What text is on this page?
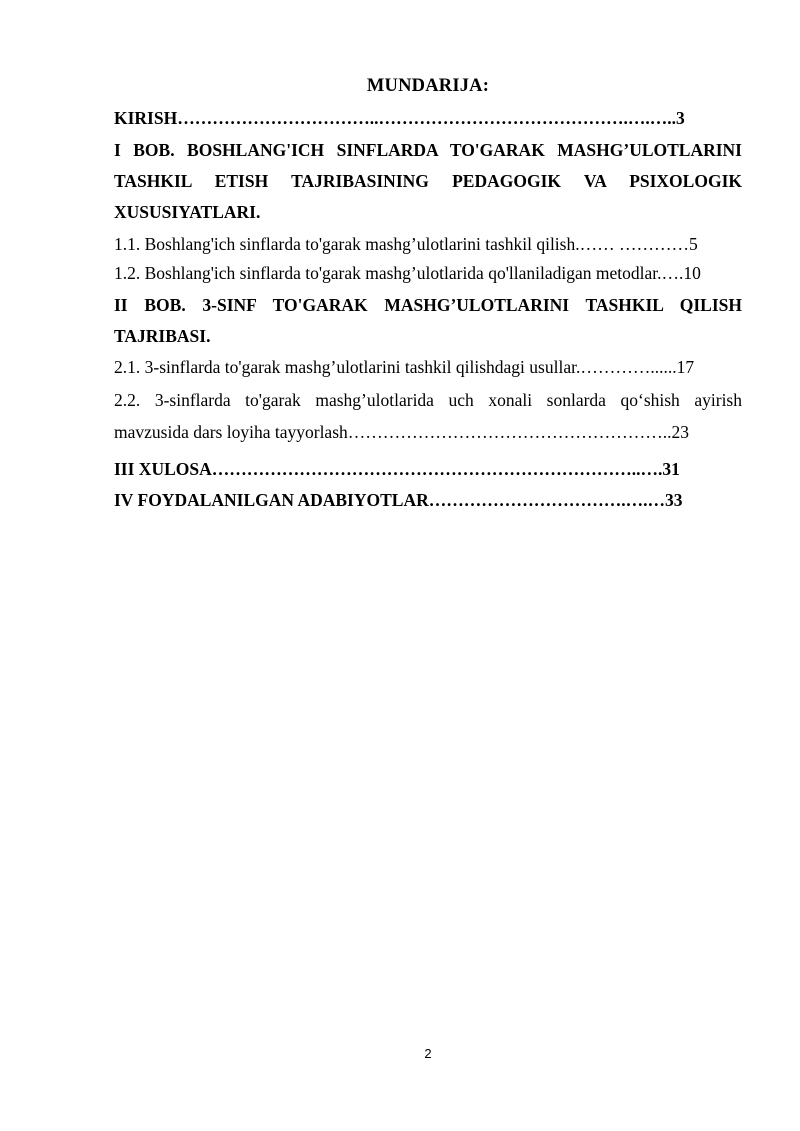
MUNDARIJA:
KIRISH……………………………..…………………………………….….…..3
I BOB. BOSHLANG'ICH SINFLARDA TO'GARAK MASHG’ULOTLARINI
TASHKIL ETISH TAJRIBASINING PEDAGOGIK VA PSIXOLOGIK
XUSUSIYATLARI.
1.1. Boshlang'ich sinflarda to'garak mashg’ulotlarini tashkil qilish.…… …………5
1.2. Boshlang'ich sinflarda to'garak mashg’ulotlarida qo'llaniladigan metodlar.….10
II BOB. 3-SINF TO'GARAK MASHG’ULOTLARINI TASHKIL QILISH
TAJRIBASI.
2.1. 3-sinflarda to'garak mashg’ulotlarini tashkil qilishdagi usullar.…………......17
2.2. 3-sinflarda to'garak mashg’ulotlarida uch xonali sonlarda qo‘shish ayirish
mavzusida dars loyiha tayyorlash………………………………………………..23
III XULOSA………………………………………………………………..….31
IV FOYDALANILGAN ADABIYOTLAR…………………………….….…33
2
